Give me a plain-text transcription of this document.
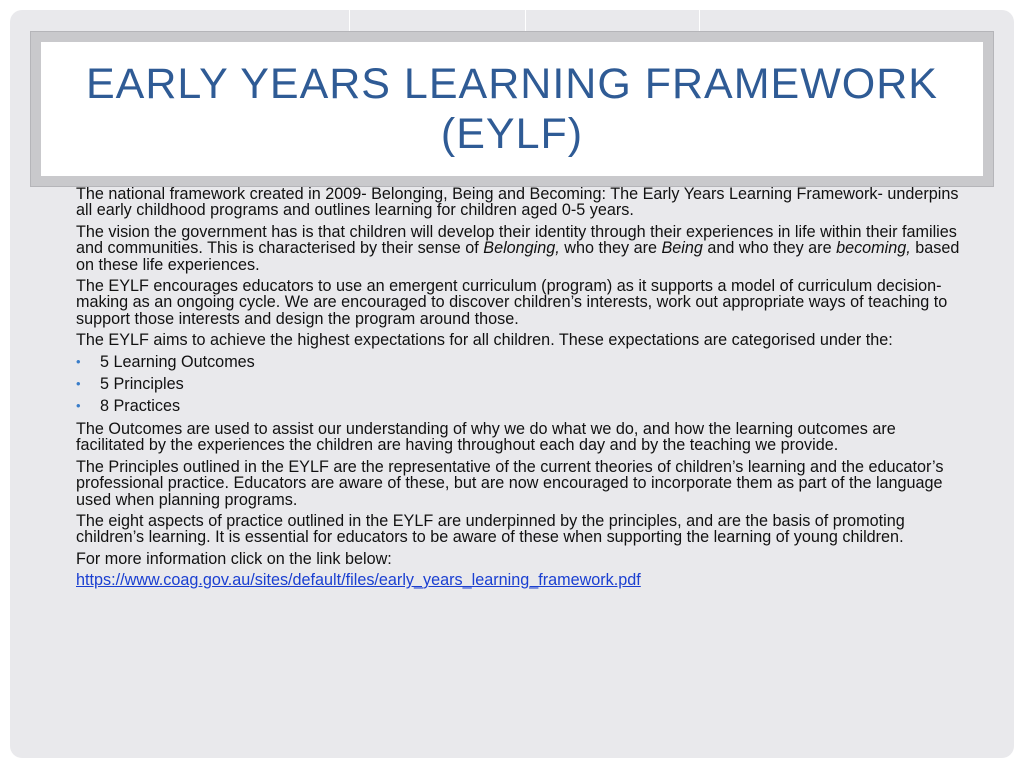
EARLY YEARS LEARNING FRAMEWORK
(EYLF)

The national framework created in 2009- Belonging, Being and Becoming: The Early Years Learning Framework- underpins all early childhood programs and outlines learning for children aged 0-5 years.

The vision the government has is that children will develop their identity through their experiences in life within their families and communities. This is characterised by their sense of Belonging, who they are Being and who they are becoming, based on these life experiences.

The EYLF encourages educators to use an emergent curriculum (program) as it supports a model of curriculum decision-making as an ongoing cycle. We are encouraged to discover children’s interests, work out appropriate ways of teaching to support those interests and design the program around those.

The EYLF aims to achieve the highest expectations for all children. These expectations are categorised under the:

• 5 Learning Outcomes
• 5 Principles
• 8 Practices

The Outcomes are used to assist our understanding of why we do what we do, and how the learning outcomes are facilitated by the experiences the children are having throughout each day and by the teaching we provide.

The Principles outlined in the EYLF are the representative of the current theories of children’s learning and the educator’s professional practice. Educators are aware of these, but are now encouraged to incorporate them as part of the language used when planning programs.

The eight aspects of practice outlined in the EYLF are underpinned by the principles, and are the basis of promoting children’s learning. It is essential for educators to be aware of these when supporting the learning of young children.

For more information click on the link below:

https://www.coag.gov.au/sites/default/files/early_years_learning_framework.pdf
